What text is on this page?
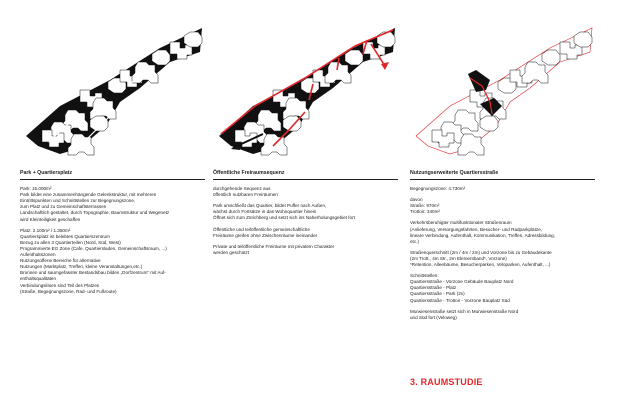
Park + Quartiersplatz
Park: 15.000m²
Park bildet eine zusammenhängende Gelenkstruktur, mit mehreren
Eintrittspunkten und Schnittstellen zur Begegnungszone,
zum Platz und zu Gemeinschaftsterrassen
Landschaftlich gestaltet, durch Topographie, Baumstruktur und Wegenetz
wird Kleinteiligkeit geschaffen
Platz: 2.100m² / 1.350m²
Quartiersplatz ist belebtes Quartierszentrum
Bezug zu allen 3 Quartierteilen (Nord, Süd, West)
Programmierte EG Zone (Cafe, Quartiersladen, Gemeinschaftsraum, ...)
Aufenthaltszonen
Nutzungsoffene Bereiche für alternative
Nutzungen (Marktplatz, Treffen, kleine Veranstaltungen,etc.)
Brunnen und saumgefasster Bestandsbau bilden „Dorfzentrum“ mit Auf-
enthaltsqualitäten
Verbindungslinien sind Teil des Platzes
(Straße, Begegnungszone, Rad- und Fußroute)
Öffentliche Freiraumsequenz
durchgehende Sequenz aus
öffentlich nutzbaren Freiräumen
Park umschließt das Quartier, bildet Puffer nach Außen,
wächst durch Fortsätze in das Wohnquartier hinein
Öffnet sich zum Zürichberg und setzt sich ins Naherholungsgebiet fort
Öffentliche und teilöffentliche gemeinschaftliche
Freiräume greifen ohne Zwischenräume ineinander
Private und teilöffentliche Freiräume mit privatem Charakter
werden geschützt
Nutzungserweiterte Quartiersstraße
Begegnungszone: 4.730m²
davon
Straße: 970m²
Trottoir: 340m²
Verkehrsberuhigter multifunktionaler Straßenraum
(Anlieferung, Versorgungsfahrten, Besucher- und Radparkplätze,
lineare Verbindung, Aufenthalt, Kommunikation, Treffen, Adressbildung,
etc.)
Straßenquerschnitt (2m / 4m / 2m) und Vorzone bis zu Gebäudekante
(2m Trott., 4m Str., 2m Elementband*, Vorzone)
*Retention, Alleebäume, Besucherparken, Veloparken, Aufenthalt, ...)
Schnittstellen:
Quartiersstraße - Vorzone Gebäude Bauplatz Nord
Quartiersstraße - Platz
Quartiersstraße - Park (2x)
Quartiersstraße - Trottoir - Vorzone Bauplatz Süd
Murwiesenstraße setzt sich in Murwiesenstraße Nord
und Süd fort (Veloweg)
3. RAUMSTUDIE
